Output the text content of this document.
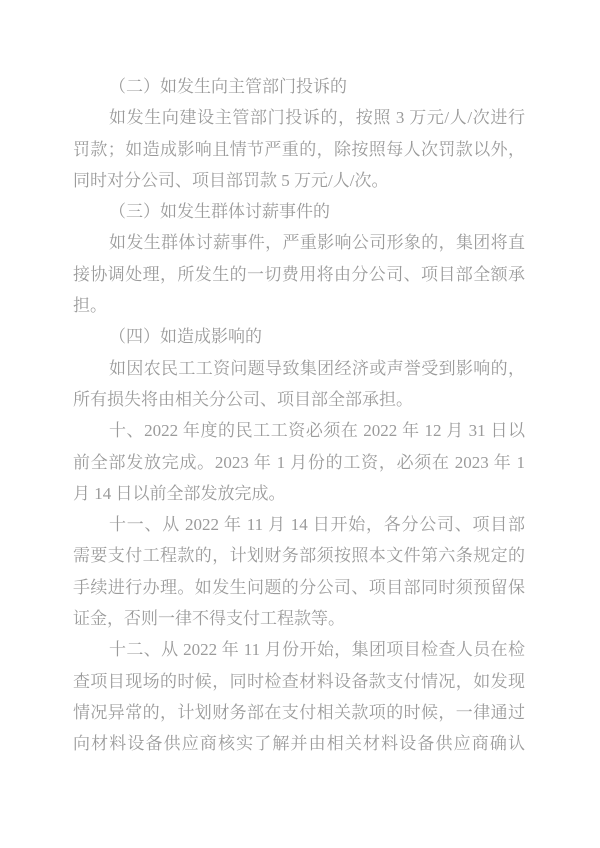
（二）如发生向主管部门投诉的
如发生向建设主管部门投诉的，按照 3 万元/人/次进行
罚款；如造成影响且情节严重的，除按照每人次罚款以外，
同时对分公司、项目部罚款 5 万元/人/次。
（三）如发生群体讨薪事件的
如发生群体讨薪事件，严重影响公司形象的，集团将直
接协调处理，所发生的一切费用将由分公司、项目部全额承
担。
（四）如造成影响的
如因农民工工资问题导致集团经济或声誉受到影响的，
所有损失将由相关分公司、项目部全部承担。
十、2022 年度的民工工资必须在 2022 年 12 月 31 日以
前全部发放完成。2023 年 1 月份的工资，必须在 2023 年 1
月 14 日以前全部发放完成。
十一、从 2022 年 11 月 14 日开始，各分公司、项目部
需要支付工程款的，计划财务部须按照本文件第六条规定的
手续进行办理。如发生问题的分公司、项目部同时须预留保
证金，否则一律不得支付工程款等。
十二、从 2022 年 11 月份开始，集团项目检查人员在检
查项目现场的时候，同时检查材料设备款支付情况，如发现
情况异常的，计划财务部在支付相关款项的时候，一律通过
向材料设备供应商核实了解并由相关材料设备供应商确认
